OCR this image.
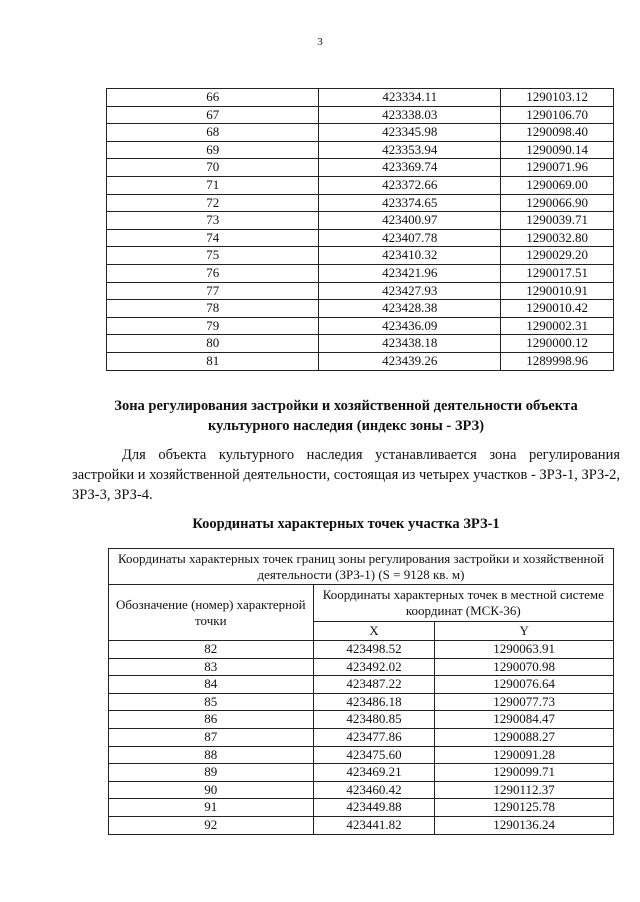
3
66	423334.11	1290103.12
67	423338.03	1290106.70
68	423345.98	1290098.40
69	423353.94	1290090.14
70	423369.74	1290071.96
71	423372.66	1290069.00
72	423374.65	1290066.90
73	423400.97	1290039.71
74	423407.78	1290032.80
75	423410.32	1290029.20
76	423421.96	1290017.51
77	423427.93	1290010.91
78	423428.38	1290010.42
79	423436.09	1290002.31
80	423438.18	1290000.12
81	423439.26	1289998.96
Зона регулирования застройки и хозяйственной деятельности объекта культурного наследия (индекс зоны - ЗРЗ)
Для объекта культурного наследия устанавливается зона регулирования застройки и хозяйственной деятельности, состоящая из четырех участков - ЗРЗ-1, ЗРЗ-2, ЗРЗ-3, ЗРЗ-4.
Координаты характерных точек участка ЗРЗ-1
Координаты характерных точек границ зоны регулирования застройки и хозяйственной деятельности (ЗРЗ-1) (S = 9128 кв. м)		
Обозначение (номер) характерной точки	Координаты характерных точек в местной системе координат (МСК-36)	
	X	Y
82	423498.52	1290063.91
83	423492.02	1290070.98
84	423487.22	1290076.64
85	423486.18	1290077.73
86	423480.85	1290084.47
87	423477.86	1290088.27
88	423475.60	1290091.28
89	423469.21	1290099.71
90	423460.42	1290112.37
91	423449.88	1290125.78
92	423441.82	1290136.24
